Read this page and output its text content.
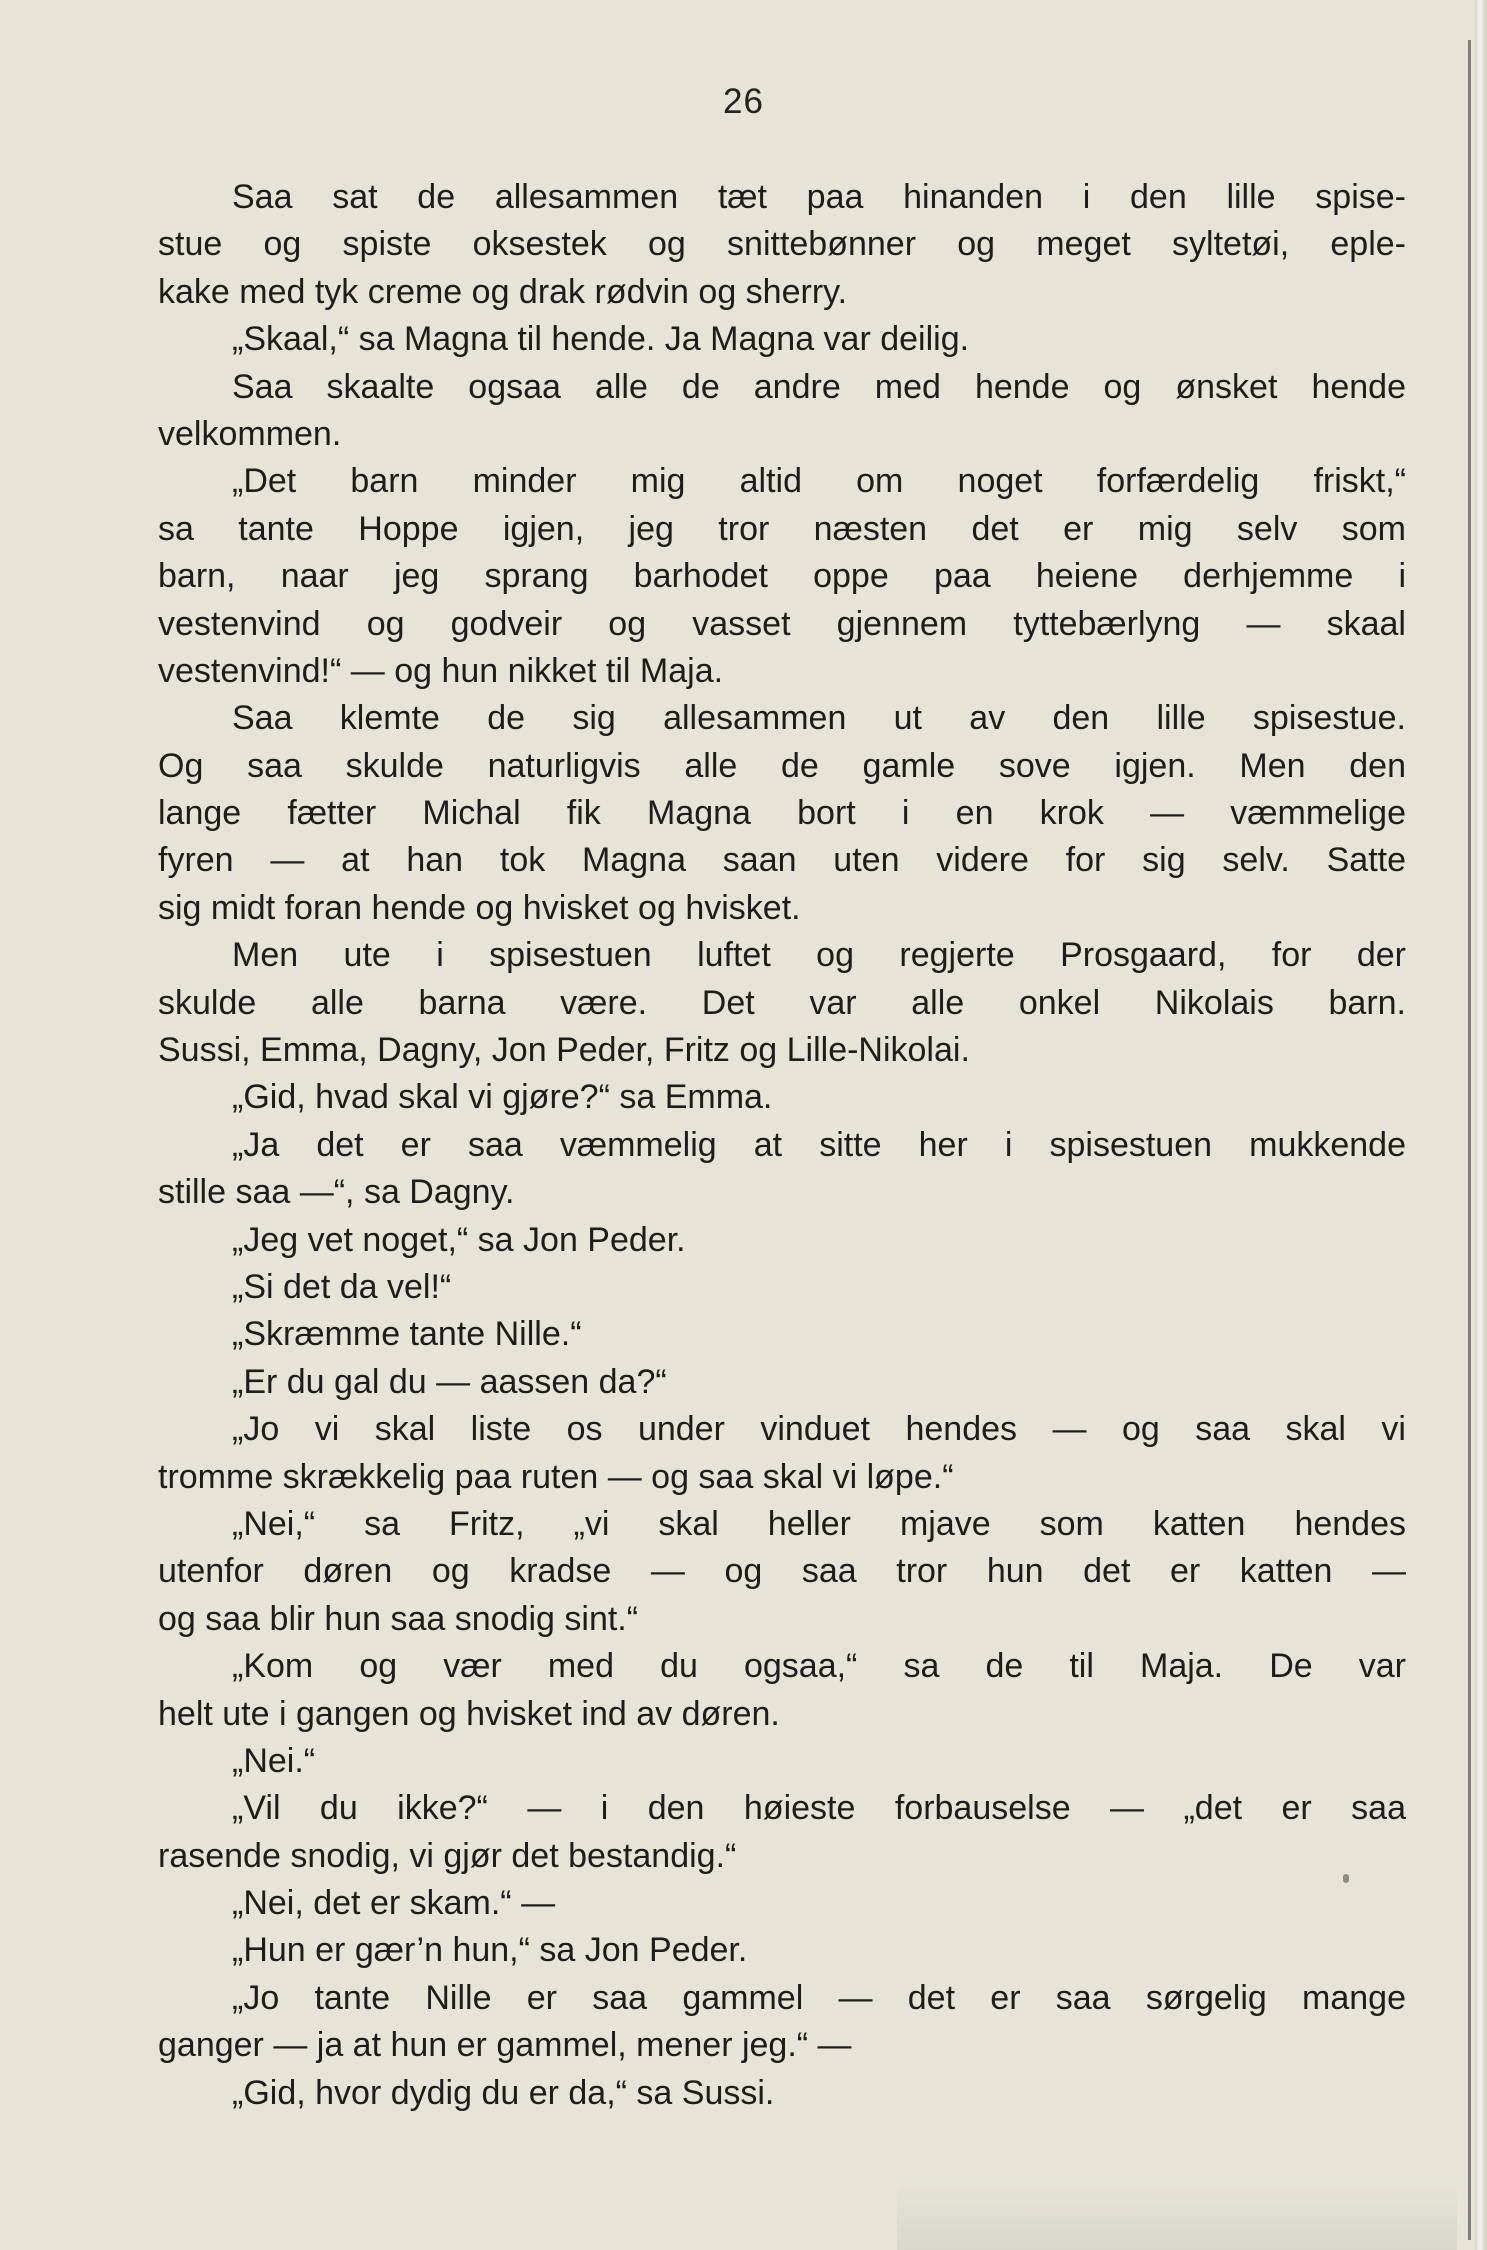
26
Saa sat de allesammen tæt paa hinanden i den lille spise-
stue og spiste oksestek og snittebønner og meget syltetøi, eple-
kake med tyk creme og drak rødvin og sherry.
„Skaal,“ sa Magna til hende. Ja Magna var deilig.
Saa skaalte ogsaa alle de andre med hende og ønsket hende
velkommen.
„Det barn minder mig altid om noget forfærdelig friskt,“
sa tante Hoppe igjen, jeg tror næsten det er mig selv som
barn, naar jeg sprang barhodet oppe paa heiene derhjemme i
vestenvind og godveir og vasset gjennem tyttebærlyng — skaal
vestenvind!“ — og hun nikket til Maja.
Saa klemte de sig allesammen ut av den lille spisestue.
Og saa skulde naturligvis alle de gamle sove igjen. Men den
lange fætter Michal fik Magna bort i en krok — væmmelige
fyren — at han tok Magna saan uten videre for sig selv. Satte
sig midt foran hende og hvisket og hvisket.
Men ute i spisestuen luftet og regjerte Prosgaard, for der
skulde alle barna være. Det var alle onkel Nikolais barn.
Sussi, Emma, Dagny, Jon Peder, Fritz og Lille-Nikolai.
„Gid, hvad skal vi gjøre?“ sa Emma.
„Ja det er saa væmmelig at sitte her i spisestuen mukkende
stille saa —“, sa Dagny.
„Jeg vet noget,“ sa Jon Peder.
„Si det da vel!“
„Skræmme tante Nille.“
„Er du gal du — aassen da?“
„Jo vi skal liste os under vinduet hendes — og saa skal vi
tromme skrækkelig paa ruten — og saa skal vi løpe.“
„Nei,“ sa Fritz, „vi skal heller mjave som katten hendes
utenfor døren og kradse — og saa tror hun det er katten —
og saa blir hun saa snodig sint.“
„Kom og vær med du ogsaa,“ sa de til Maja. De var
helt ute i gangen og hvisket ind av døren.
„Nei.“
„Vil du ikke?“ — i den høieste forbauselse — „det er saa
rasende snodig, vi gjør det bestandig.“
„Nei, det er skam.“ —
„Hun er gær’n hun,“ sa Jon Peder.
„Jo tante Nille er saa gammel — det er saa sørgelig mange
ganger — ja at hun er gammel, mener jeg.“ —
„Gid, hvor dydig du er da,“ sa Sussi.
